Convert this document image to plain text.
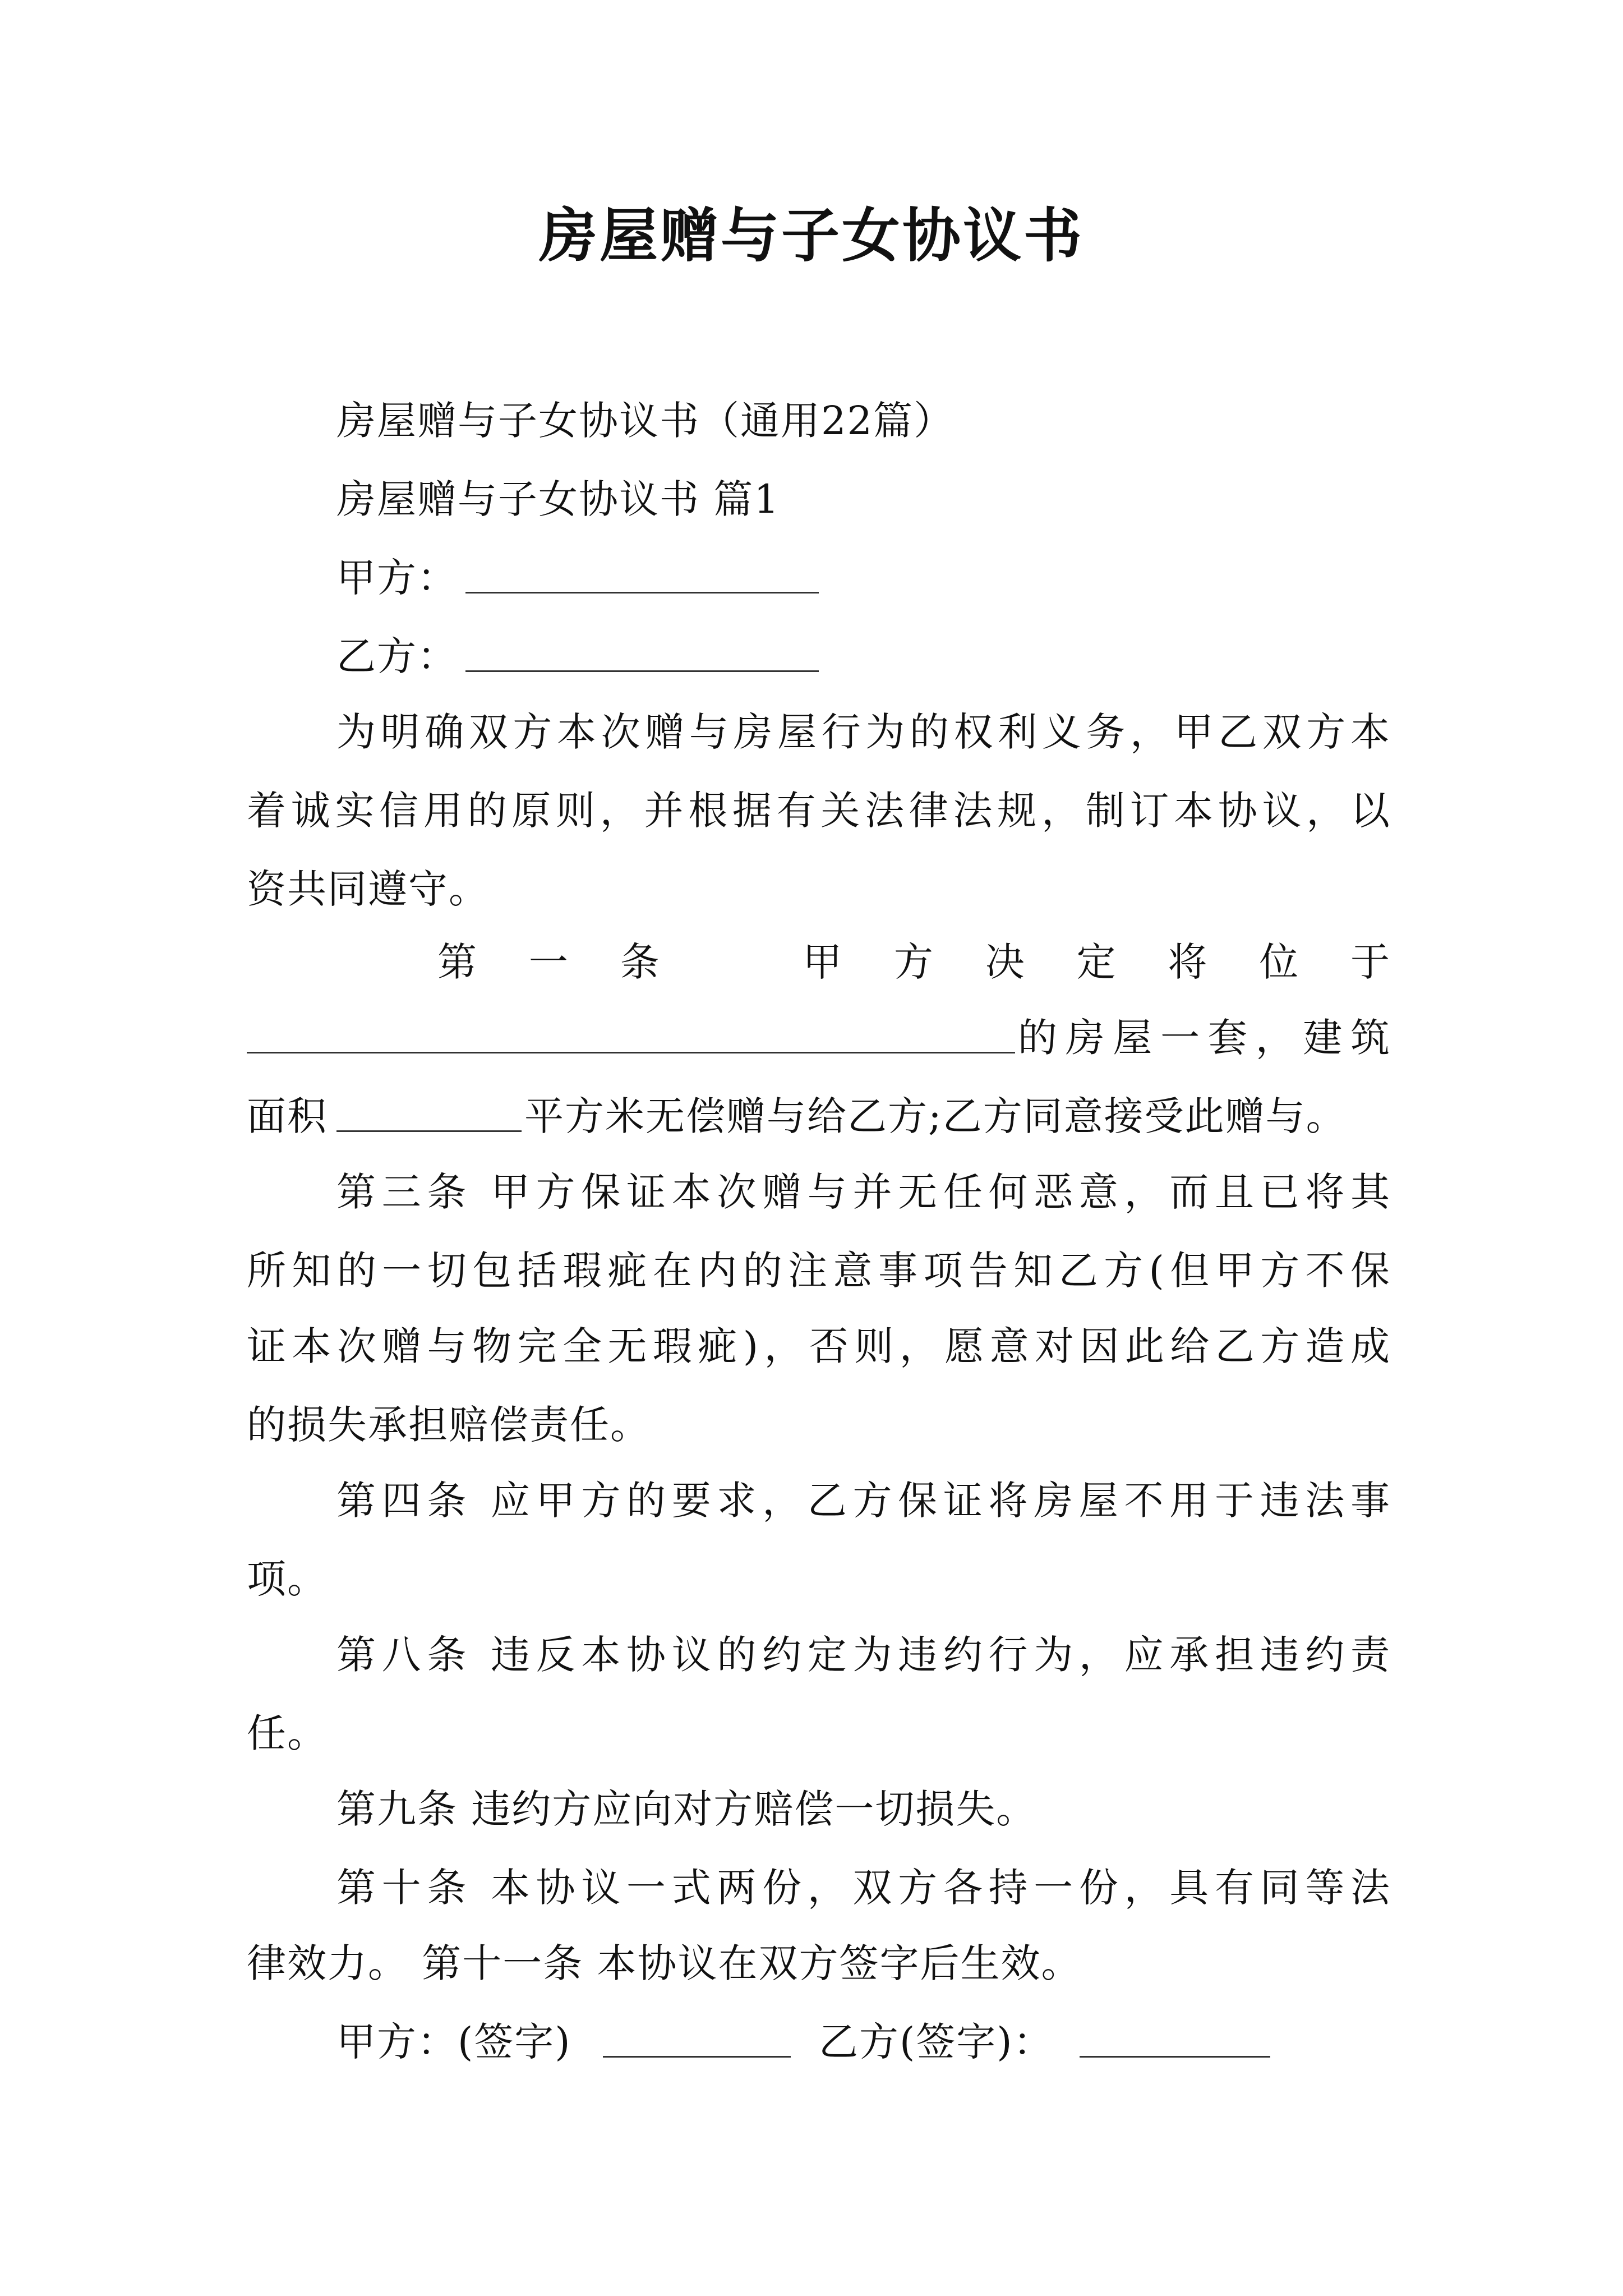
房屋赠与子女协议书
房屋赠与子女协议书（通用22篇）
房屋赠与子女协议书 篇1
甲方：
乙方：
为明确双方本次赠与房屋行为的权利义务，甲乙双方本
着诚实信用的原则，并根据有关法律法规，制订本协议，以
资共同遵守。
第 一 条 　 甲 方 决 定 将 位 于
的房屋一套，建筑
面积	平方米无偿赠与给乙方;乙方同意接受此赠与。
第三条 甲方保证本次赠与并无任何恶意，而且已将其
所知的一切包括瑕疵在内的注意事项告知乙方(但甲方不保
证本次赠与物完全无瑕疵)，否则，愿意对因此给乙方造成
的损失承担赔偿责任。
第四条 应甲方的要求，乙方保证将房屋不用于违法事
项。
第八条 违反本协议的约定为违约行为，应承担违约责
任。
第九条 违约方应向对方赔偿一切损失。
第十条 本协议一式两份，双方各持一份，具有同等法
律效力。 第十一条 本协议在双方签字后生效。
甲方：(签字)	乙方(签字)：
